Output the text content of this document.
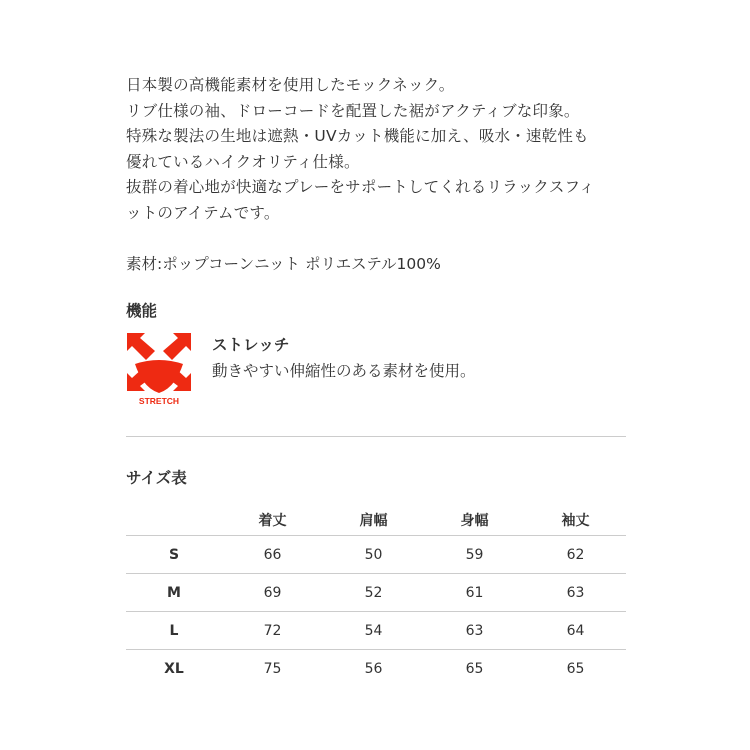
日本製の高機能素材を使用したモックネック。

リブ仕様の袖、ドローコードを配置した裾がアクティブな印象。

特殊な製法の生地は遮熱・UVカット機能に加え、吸水・速乾性も

優れているハイクオリティ仕様。

抜群の着心地が快適なプレーをサポートしてくれるリラックスフィ

ットのアイテムです。

素材:ポップコーンニット ポリエステル100%
機能
STRETCH
ストレッチ
動きやすい伸縮性のある素材を使用。
サイズ表
	着丈	肩幅	身幅	袖丈
S	66	50	59	62
M	69	52	61	63
L	72	54	63	64
XL	75	56	65	65
